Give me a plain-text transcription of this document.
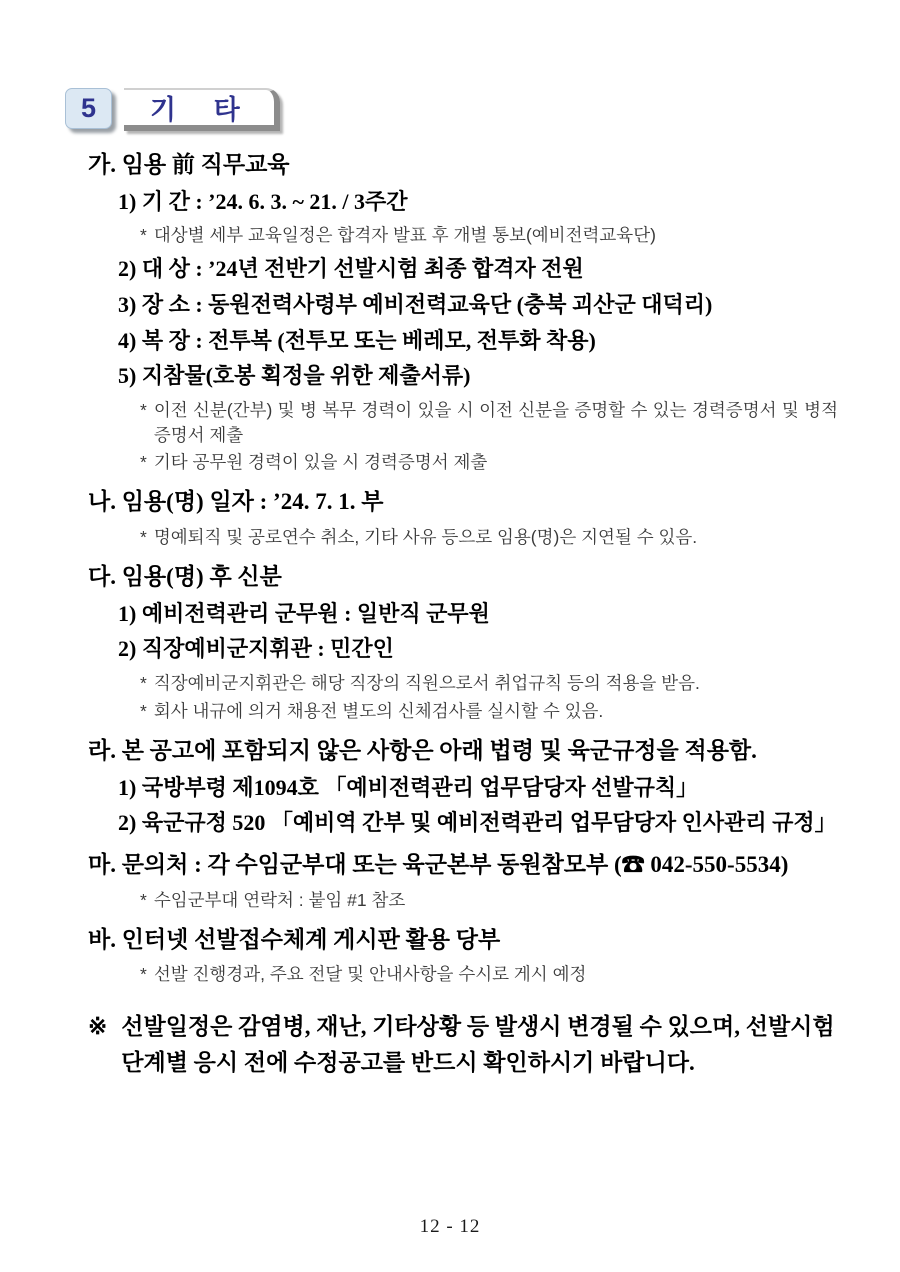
5 기  타
가. 임용 前 직무교육
1) 기 간 : ’24. 6. 3. ~ 21. / 3주간
* 대상별 세부 교육일정은 합격자 발표 후 개별 통보(예비전력교육단)
2) 대 상 : ’24년 전반기 선발시험 최종 합격자 전원
3) 장 소 : 동원전력사령부 예비전력교육단 (충북 괴산군 대덕리)
4) 복 장 : 전투복 (전투모 또는 베레모, 전투화 착용)
5) 지참물(호봉 획정을 위한 제출서류)
* 이전 신분(간부) 및 병 복무 경력이 있을 시 이전 신분을 증명할 수 있는 경력증명서 및 병적증명서 제출
* 기타 공무원 경력이 있을 시 경력증명서 제출
나. 임용(명) 일자 : ’24. 7. 1. 부
* 명예퇴직 및 공로연수 취소, 기타 사유 등으로 임용(명)은 지연될 수 있음.
다. 임용(명) 후 신분
1) 예비전력관리 군무원 : 일반직 군무원
2) 직장예비군지휘관 : 민간인
* 직장예비군지휘관은 해당 직장의 직원으로서 취업규칙 등의 적용을 받음.
* 회사 내규에 의거 채용전 별도의 신체검사를 실시할 수 있음.
라. 본 공고에 포함되지 않은 사항은 아래 법령 및 육군규정을 적용함.
1) 국방부령 제1094호 「예비전력관리 업무담당자 선발규칙」
2) 육군규정 520 「예비역 간부 및 예비전력관리 업무담당자 인사관리 규정」
마. 문의처 : 각 수임군부대 또는 육군본부 동원참모부 (☎ 042-550-5534)
* 수임군부대 연락처 : 붙임 #1 참조
바. 인터넷 선발접수체계 게시판 활용 당부
* 선발 진행경과, 주요 전달 및 안내사항을 수시로 게시 예정
※ 선발일정은 감염병, 재난, 기타상황 등 발생시 변경될 수 있으며, 선발시험 단계별 응시 전에 수정공고를 반드시 확인하시기 바랍니다.
12 - 12
